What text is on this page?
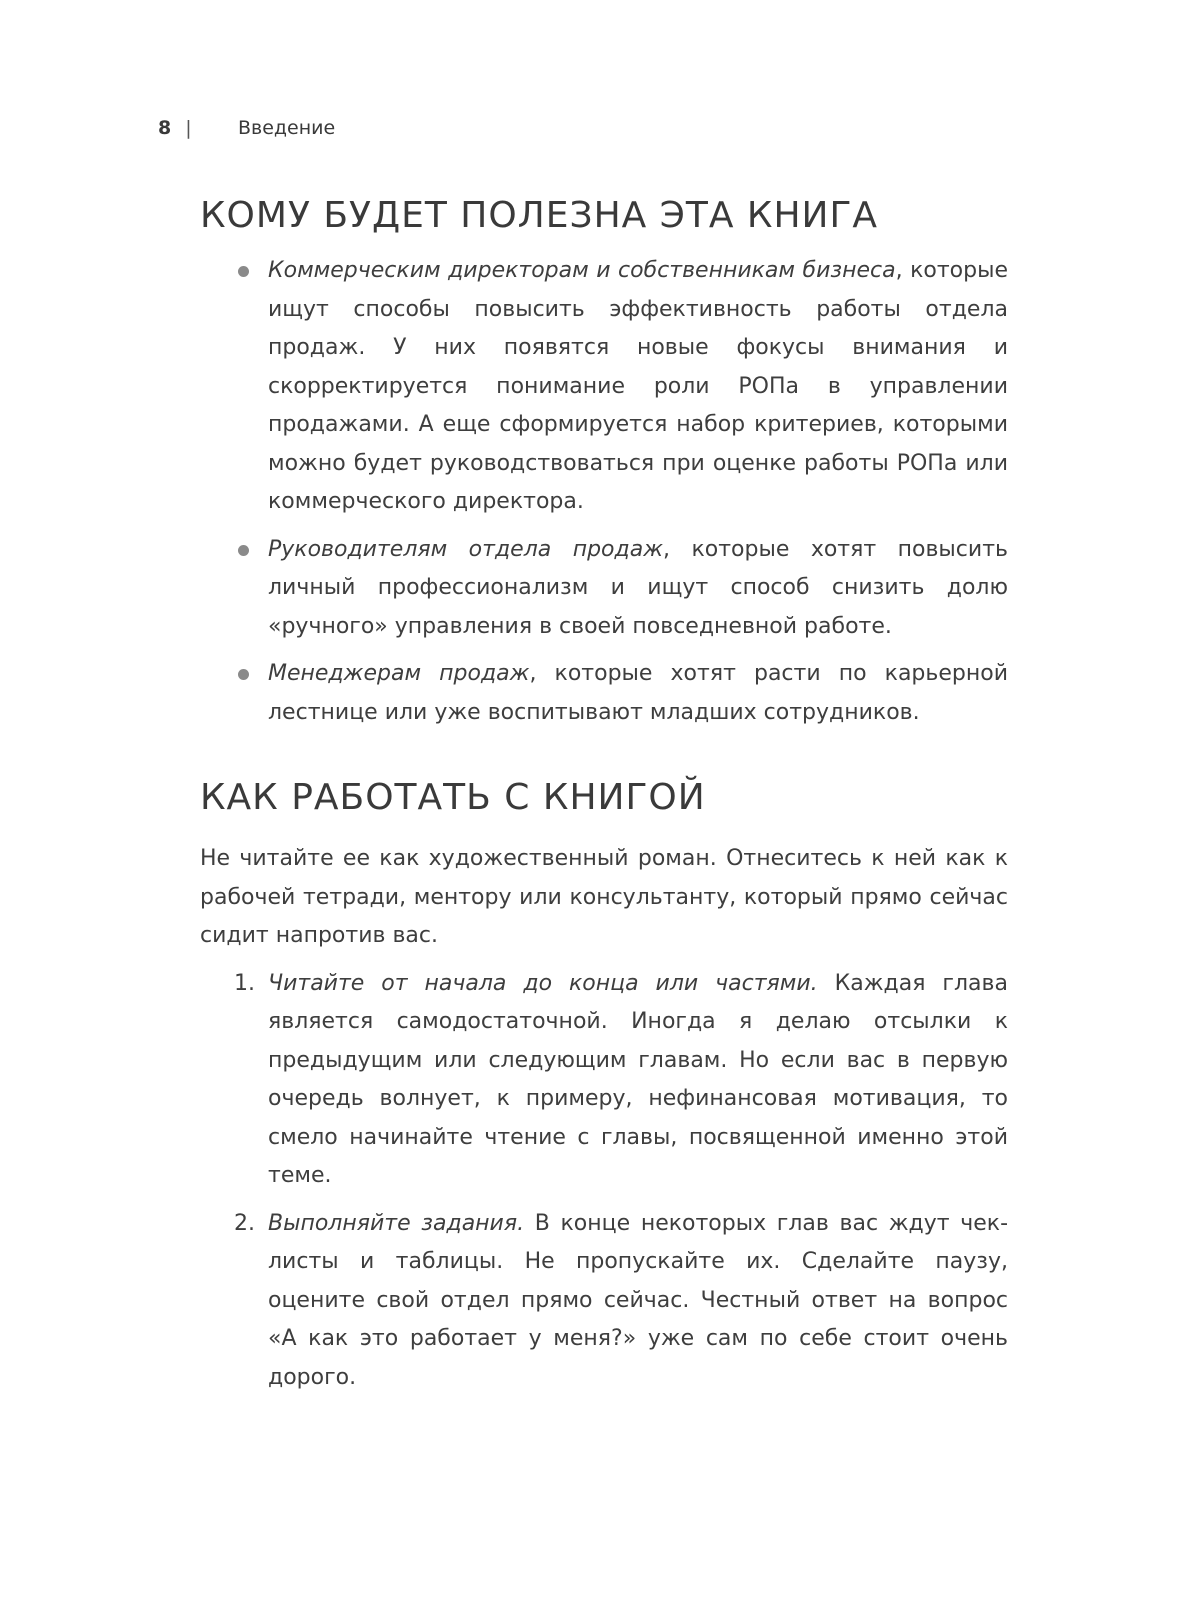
8 | Введение
КОМУ БУДЕТ ПОЛЕЗНА ЭТА КНИГА
Коммерческим директорам и собственникам бизнеса, которые ищут способы повысить эффективность работы отдела продаж. У них появятся новые фокусы внимания и скорректируется понимание роли РОПа в управлении продажами. А еще сформируется набор критериев, которыми можно будет руководствоваться при оценке работы РОПа или коммерческого директора.
Руководителям отдела продаж, которые хотят повысить личный профессионализм и ищут способ снизить долю «ручного» управления в своей повседневной работе.
Менеджерам продаж, которые хотят расти по карьерной лестнице или уже воспитывают младших сотрудников.
КАК РАБОТАТЬ С КНИГОЙ

Не читайте ее как художественный роман. Отнеситесь к ней как к рабочей тетради, ментору или консультанту, который прямо сейчас сидит напротив вас.

1. Читайте от начала до конца или частями. Каждая глава является самодостаточной. Иногда я делаю отсылки к предыдущим или следующим главам. Но если вас в первую очередь волнует, к примеру, нефинансовая мотивация, то смело начинайте чтение с главы, посвященной именно этой теме.
2. Выполняйте задания. В конце некоторых глав вас ждут чек-листы и таблицы. Не пропускайте их. Сделайте паузу, оцените свой отдел прямо сейчас. Честный ответ на вопрос «А как это работает у меня?» уже сам по себе стоит очень дорого.
